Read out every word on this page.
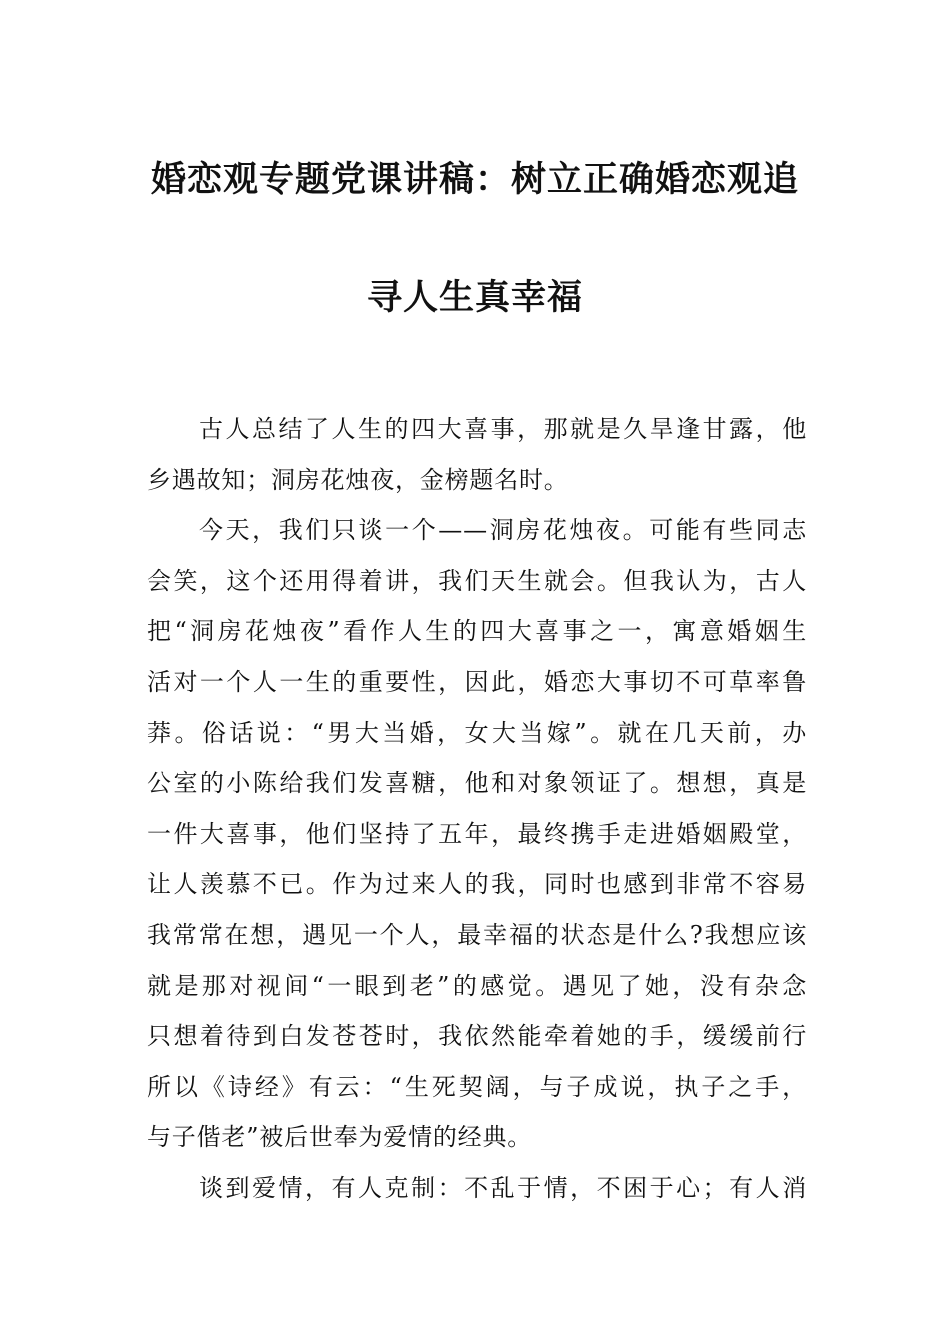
婚恋观专题党课讲稿：树立正确婚恋观追
寻人生真幸福
古人总结了人生的四大喜事，那就是久旱逢甘露，他
乡遇故知；洞房花烛夜，金榜题名时。
今天，我们只谈一个——洞房花烛夜。可能有些同志
会笑，这个还用得着讲，我们天生就会。但我认为，古人
把“洞房花烛夜”看作人生的四大喜事之一，寓意婚姻生
活对一个人一生的重要性，因此，婚恋大事切不可草率鲁
莽。俗话说：“男大当婚，女大当嫁”。就在几天前，办
公室的小陈给我们发喜糖，他和对象领证了。想想，真是
一件大喜事，他们坚持了五年，最终携手走进婚姻殿堂，
让人羡慕不已。作为过来人的我，同时也感到非常不容易
我常常在想，遇见一个人，最幸福的状态是什么?我想应该
就是那对视间“一眼到老”的感觉。遇见了她，没有杂念
只想着待到白发苍苍时，我依然能牵着她的手，缓缓前行
所以《诗经》有云：“生死契阔，与子成说，执子之手，
与子偕老”被后世奉为爱情的经典。
谈到爱情，有人克制：不乱于情，不困于心；有人消
